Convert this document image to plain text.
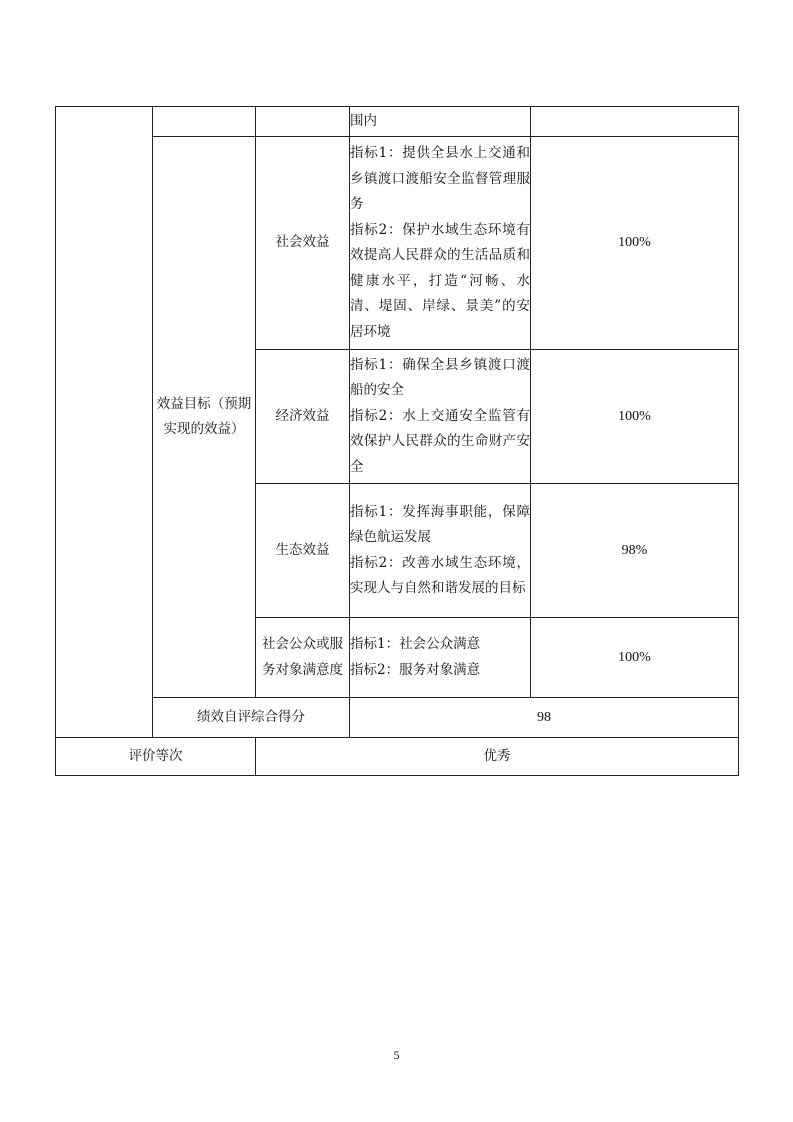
			围内	

	效益目标（预期实现的效益）	社会效益	指标1：提供全县水上交通和乡镇渡口渡船安全监督管理服务

指标2：保护水域生态环境有效提高人民群众的生活品质和健康水平，打造“河畅、水清、堤固、岸绿、景美”的安居环境	100%
		经济效益	指标1：确保全县乡镇渡口渡船的安全

指标2：水上交通安全监管有效保护人民群众的生命财产安全	100%
		生态效益	指标1：发挥海事职能，保障绿色航运发展

指标2：改善水域生态环境，实现人与自然和谐发展的目标	98%
		社会公众或服务对象满意度	指标1：社会公众满意

指标2：服务对象满意	100%
	绩效自评综合得分		98	
评价等次		优秀		
5
